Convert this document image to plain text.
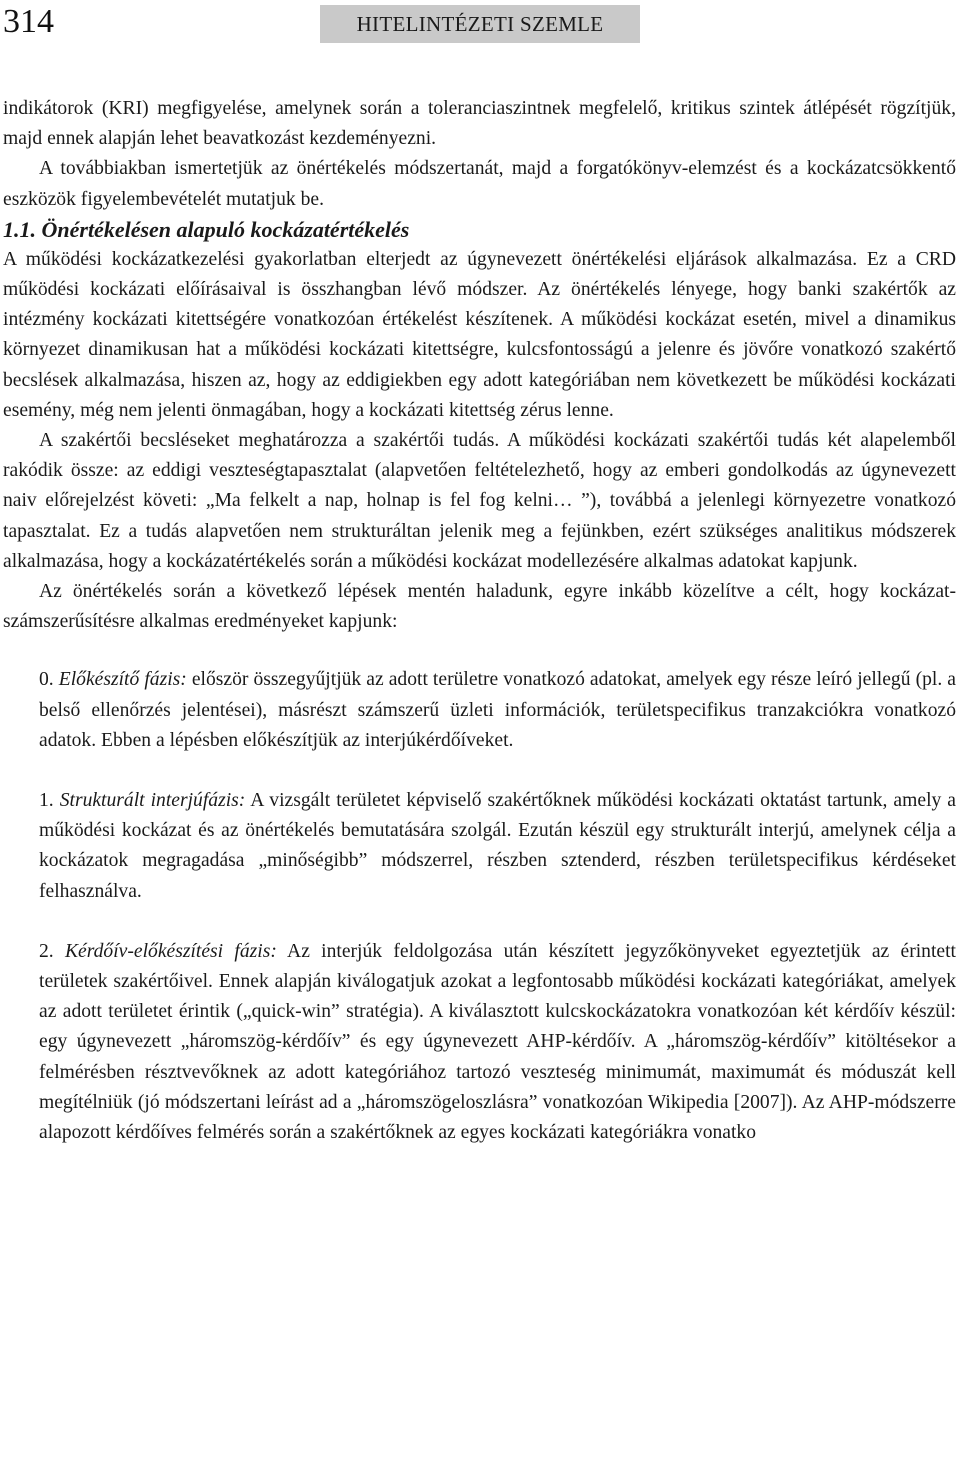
314	HITELINTÉZETI SZEMLE

indikátorok (KRI) megfigyelése, amelynek során a toleranciaszintnek megfelelő, kritikus szintek átlépését rögzítjük, majd ennek alapján lehet beavatkozást kezdeményezni.

A továbbiakban ismertetjük az önértékelés módszertanát, majd a forgatókönyv-elemzést és a kockázatcsökkentő eszközök figyelembevételét mutatjuk be.

1.1. Önértékelésen alapuló kockázatértékelés

A működési kockázatkezelési gyakorlatban elterjedt az úgynevezett önértékelési eljárások alkalmazása. Ez a CRD működési kockázati előírásaival is összhangban lévő módszer. Az önértékelés lényege, hogy banki szakértők az intézmény kockázati kitettségére vonatkozóan értékelést készítenek. A működési kockázat esetén, mivel a dinamikus környezet dinamikusan hat a működési kockázati kitettségre, kulcsfontosságú a jelenre és jövőre vonatkozó szakértő becslések alkalmazása, hiszen az, hogy az eddigiekben egy adott kategóriában nem következett be működési kockázati esemény, még nem jelenti önmagában, hogy a kockázati kitettség zérus lenne.

A szakértői becsléseket meghatározza a szakértői tudás. A működési kockázati szakértői tudás két alapelemből rakódik össze: az eddigi veszteségtapasztalat (alapvetően feltételezhető, hogy az emberi gondolkodás az úgynevezett naiv előrejelzést követi: „Ma felkelt a nap, holnap is fel fog kelni… ”), továbbá a jelenlegi környezetre vonatkozó tapasztalat. Ez a tudás alapvetően nem strukturáltan jelenik meg a fejünkben, ezért szükséges analitikus módszerek alkalmazása, hogy a kockázatértékelés során a működési kockázat modellezésére alkalmas adatokat kapjunk.

Az önértékelés során a következő lépések mentén haladunk, egyre inkább közelítve a célt, hogy kockázat-számszerűsítésre alkalmas eredményeket kapjunk:

0. Előkészítő fázis: először összegyűjtjük az adott területre vonatkozó adatokat, amelyek egy része leíró jellegű (pl. a belső ellenőrzés jelentései), másrészt számszerű üzleti információk, területspecifikus tranzakciókra vonatkozó adatok. Ebben a lépésben előkészítjük az interjúkérdőíveket.

1. Strukturált interjúfázis: A vizsgált területet képviselő szakértőknek működési kockázati oktatást tartunk, amely a működési kockázat és az önértékelés bemutatására szolgál. Ezután készül egy strukturált interjú, amelynek célja a kockázatok megragadása „minőségibb” módszerrel, részben sztenderd, részben területspecifikus kérdéseket felhasználva.

2. Kérdőív-előkészítési fázis: Az interjúk feldolgozása után készített jegyzőkönyveket egyeztetjük az érintett területek szakértőivel. Ennek alapján kiválogatjuk azokat a legfontosabb működési kockázati kategóriákat, amelyek az adott területet érintik („quick-win” stratégia). A kiválasztott kulcskockázatokra vonatkozóan két kérdőív készül: egy úgynevezett „háromszög-kérdőív” és egy úgynevezett AHP-kérdőív. A „háromszög-kérdőív” kitöltésekor a felmérésben résztvevőknek az adott kategóriához tartozó veszteség minimumát, maximumát és móduszát kell megítélniük (jó módszertani leírást ad a „háromszögeloszlásra” vonatkozóan Wikipedia [2007]). Az AHP-módszerre alapozott kérdőíves felmérés során a szakértőknek az egyes kockázati kategóriákra vonatko
